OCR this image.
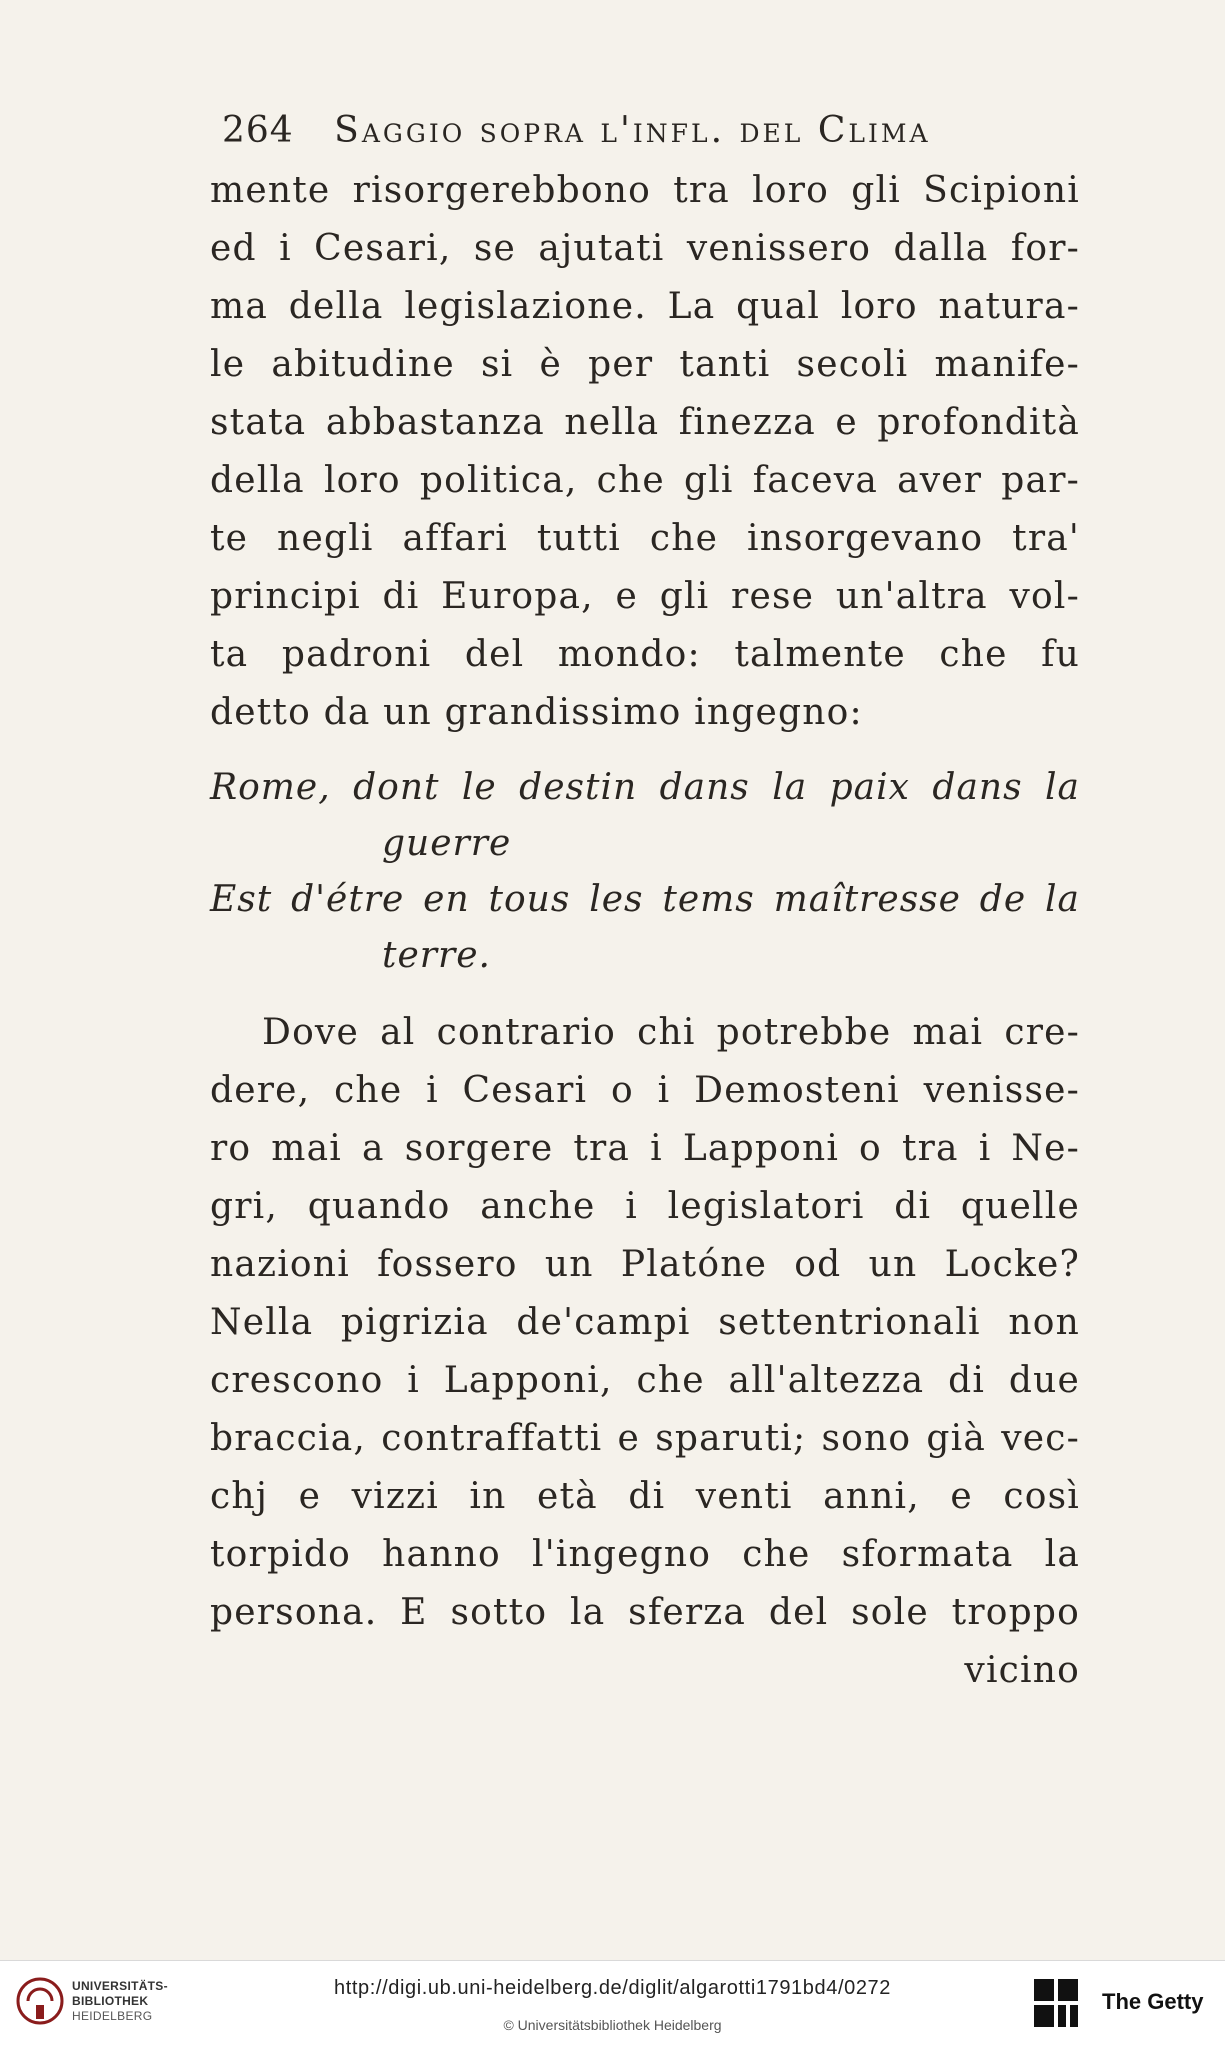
264 Saggio sopra l'infl. del Clima
mente risorgerebbono tra loro gli Scipioni
ed i Cesari, se ajutati venissero dalla for-
ma della legislazione. La qual loro natura-
le abitudine si è per tanti secoli manife-
stata abbastanza nella finezza e profondità
della loro politica, che gli faceva aver par-
te negli affari tutti che insorgevano tra'
principi di Europa, e gli rese un'altra vol-
ta padroni del mondo: talmente che fu
detto da un grandissimo ingegno:
Rome, dont le destin dans la paix dans la
guerre
Est d'étre en tous les tems maîtresse de la
terre.
Dove al contrario chi potrebbe mai cre-
dere, che i Cesari o i Demosteni venisse-
ro mai a sorgere tra i Lapponi o tra i Ne-
gri, quando anche i legislatori di quelle
nazioni fossero un Platóne od un Locke?
Nella pigrizia de'campi settentrionali non
crescono i Lapponi, che all'altezza di due
braccia, contraffatti e sparuti; sono già vec-
chj e vizzi in età di venti anni, e così
torpido hanno l'ingegno che sformata la
persona. E sotto la sferza del sole troppo
vicino
UNIVERSITÄTS-
BIBLIOTHEK
HEIDELBERG
http://digi.ub.uni-heidelberg.de/diglit/algarotti1791bd4/0272
© Universitätsbibliothek Heidelberg
The Getty
